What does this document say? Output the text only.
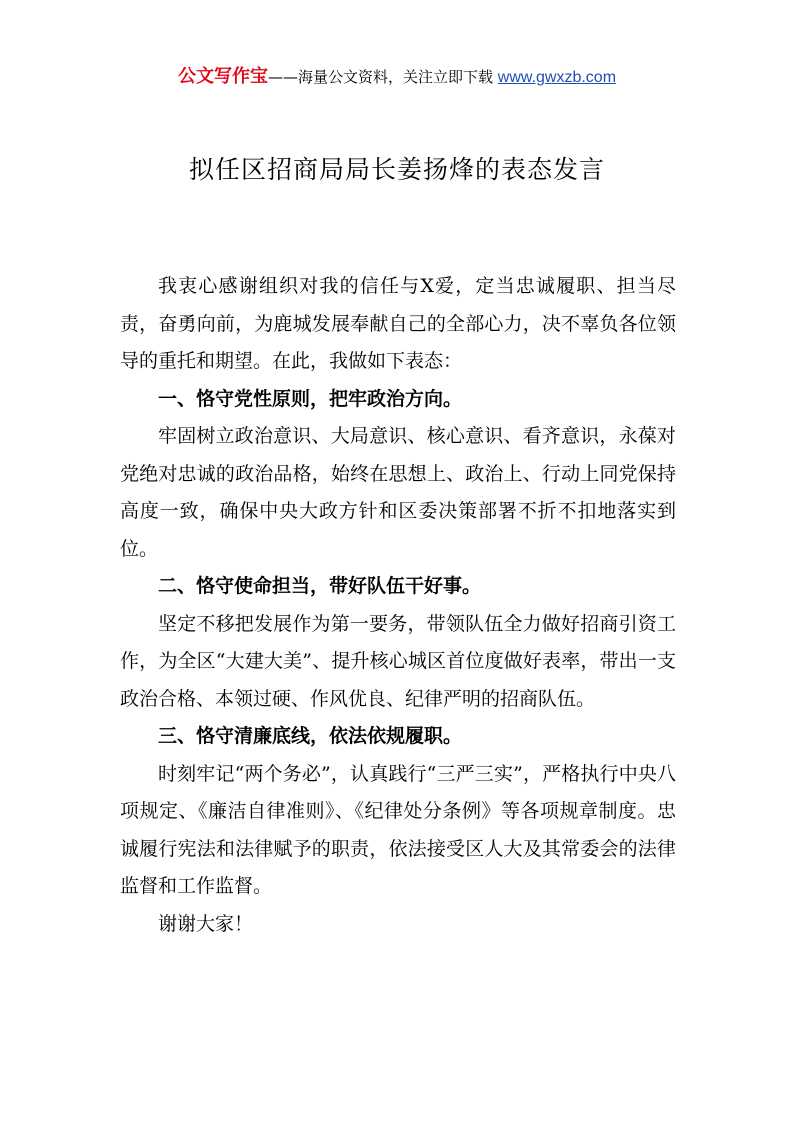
公文写作宝——海量公文资料，关注立即下载 www.gwxzb.com
拟任区招商局局长姜扬烽的表态发言

我衷心感谢组织对我的信任与X爱，定当忠诚履职、担当尽责，奋勇向前，为鹿城发展奉献自己的全部心力，决不辜负各位领导的重托和期望。在此，我做如下表态：

一、恪守党性原则，把牢政治方向。

牢固树立政治意识、大局意识、核心意识、看齐意识，永葆对党绝对忠诚的政治品格，始终在思想上、政治上、行动上同党保持高度一致，确保中央大政方针和区委决策部署不折不扣地落实到位。

二、恪守使命担当，带好队伍干好事。

坚定不移把发展作为第一要务，带领队伍全力做好招商引资工作，为全区“大建大美”、提升核心城区首位度做好表率，带出一支政治合格、本领过硬、作风优良、纪律严明的招商队伍。

三、恪守清廉底线，依法依规履职。

时刻牢记“两个务必”，认真践行“三严三实”，严格执行中央八项规定、《廉洁自律准则》、《纪律处分条例》等各项规章制度。忠诚履行宪法和法律赋予的职责，依法接受区人大及其常委会的法律监督和工作监督。

谢谢大家！
